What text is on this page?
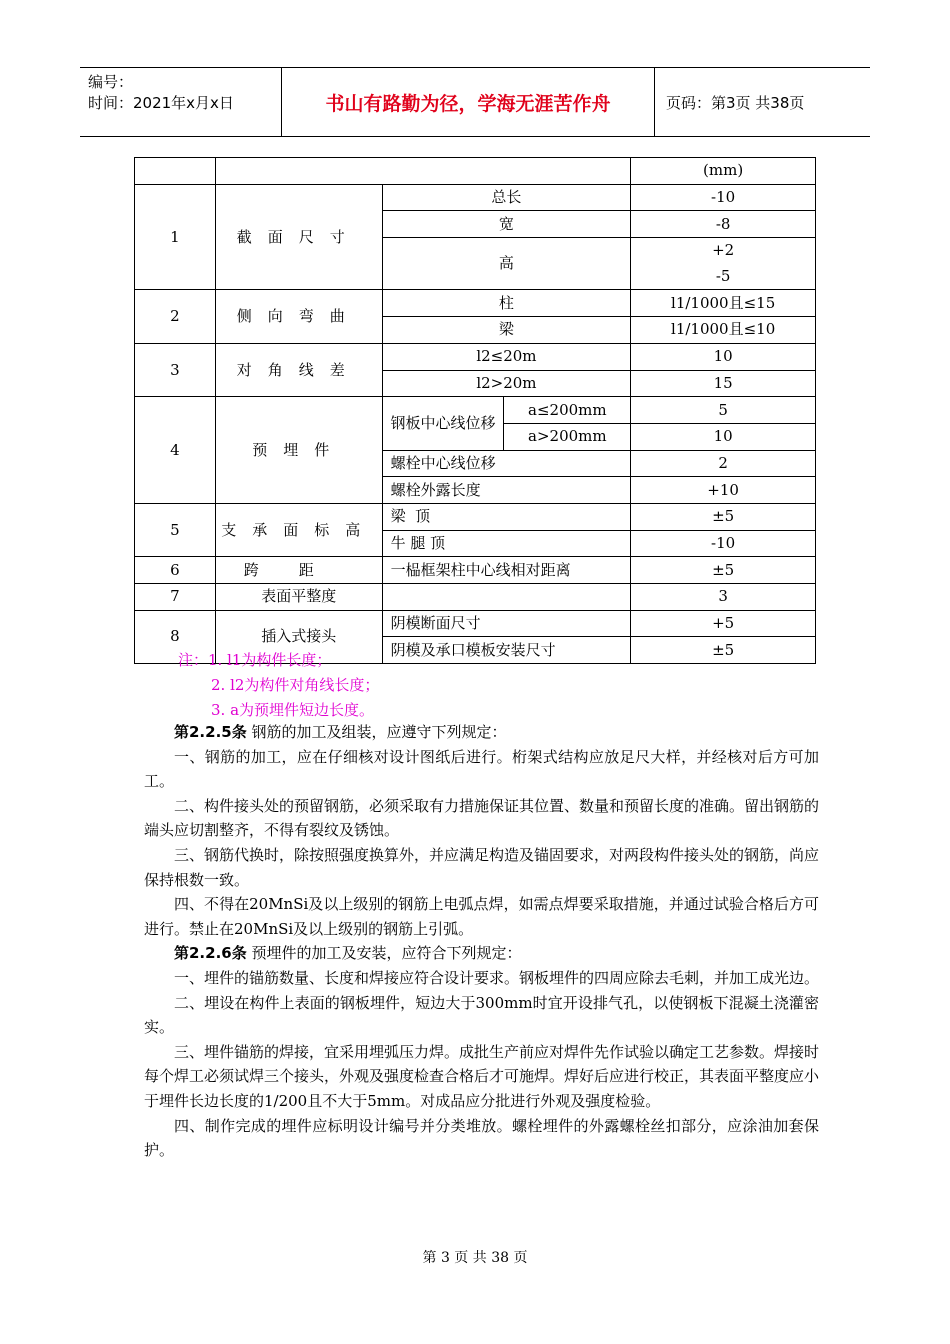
编号：
时间：2021年x月x日	书山有路勤为径，学海无涯苦作舟	页码：第3页 共38页
				(mm)
1	截面尺寸	总长		-10
		宽		-8
		高		+2
				-5
2	侧向弯曲	柱		l1/1000且≤15
		梁		l1/1000且≤10
3	对角线差	l2≤20m		10
		l2>20m		15
4	预埋件	钢板中心线位移	a≤200mm	5
			a>200mm	10
		螺栓中心线位移		2
		螺栓外露长度		+10
5	支承面标高	梁  顶		±5
		牛 腿 顶		-10
6	跨距	一榀框架柱中心线相对距离		±5
7	表面平整度			3
8	插入式接头	阴模断面尺寸		+5
		阴模及承口模板安装尺寸		±5
注：1. l1为构件长度；
2. l2为构件对角线长度；
3. a为预埋件短边长度。

第2.2.5条 钢筋的加工及组装，应遵守下列规定：

一、钢筋的加工，应在仔细核对设计图纸后进行。桁架式结构应放足尺大样，并经核对后方可加工。

二、构件接头处的预留钢筋，必须采取有力措施保证其位置、数量和预留长度的准确。留出钢筋的端头应切割整齐，不得有裂纹及锈蚀。

三、钢筋代换时，除按照强度换算外，并应满足构造及锚固要求，对两段构件接头处的钢筋，尚应保持根数一致。

四、不得在20MnSi及以上级别的钢筋上电弧点焊，如需点焊要采取措施，并通过试验合格后方可进行。禁止在20MnSi及以上级别的钢筋上引弧。

第2.2.6条 预埋件的加工及安装，应符合下列规定：

一、埋件的锚筋数量、长度和焊接应符合设计要求。钢板埋件的四周应除去毛刺，并加工成光边。

二、埋设在构件上表面的钢板埋件，短边大于300mm时宜开设排气孔，以使钢板下混凝土浇灌密实。

三、埋件锚筋的焊接，宜采用埋弧压力焊。成批生产前应对焊件先作试验以确定工艺参数。焊接时每个焊工必须试焊三个接头，外观及强度检查合格后才可施焊。焊好后应进行校正，其表面平整度应小于埋件长边长度的1/200且不大于5mm。对成品应分批进行外观及强度检验。

四、制作完成的埋件应标明设计编号并分类堆放。螺栓埋件的外露螺栓丝扣部分，应涂油加套保护。

第 3 页 共 38 页
